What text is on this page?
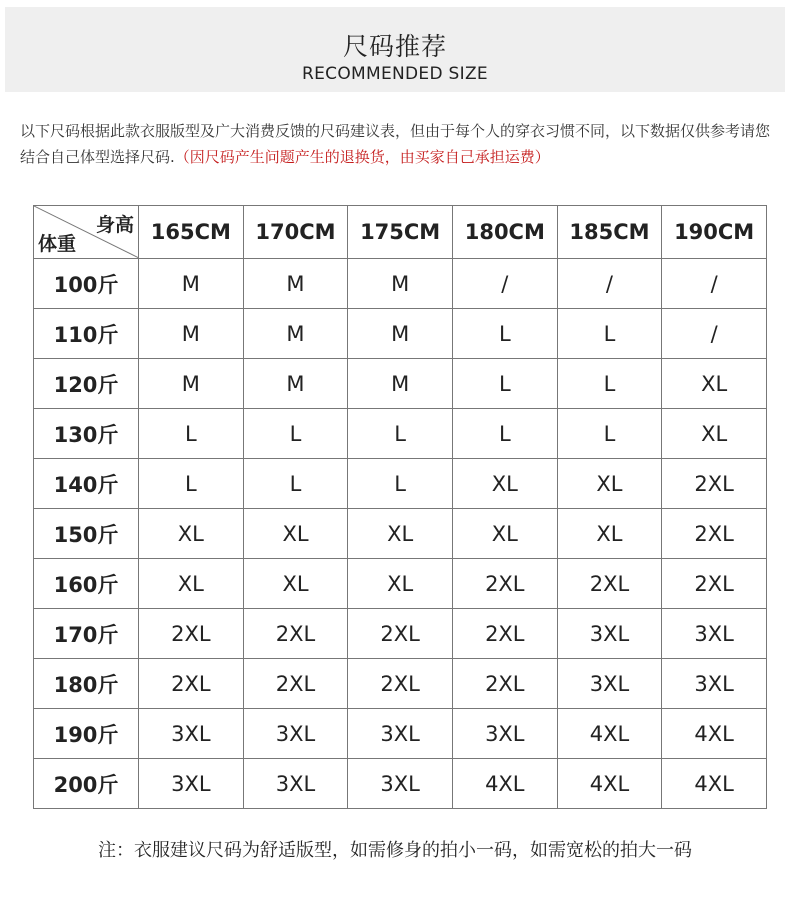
尺码推荐
RECOMMENDED SIZE
以下尺码根据此款衣服版型及广大消费反馈的尺码建议表，但由于每个人的穿衣习惯不同，以下数据仅供参考请您结合自己体型选择尺码.（因尺码产生问题产生的退换货，由买家自己承担运费）
身高
体重	165CM	170CM	175CM	180CM	185CM	190CM
100斤	M	M	M	/	/	/
110斤	M	M	M	L	L	/
120斤	M	M	M	L	L	XL
130斤	L	L	L	L	L	XL
140斤	L	L	L	XL	XL	2XL
150斤	XL	XL	XL	XL	XL	2XL
160斤	XL	XL	XL	2XL	2XL	2XL
170斤	2XL	2XL	2XL	2XL	3XL	3XL
180斤	2XL	2XL	2XL	2XL	3XL	3XL
190斤	3XL	3XL	3XL	3XL	4XL	4XL
200斤	3XL	3XL	3XL	4XL	4XL	4XL
注：衣服建议尺码为舒适版型，如需修身的拍小一码，如需宽松的拍大一码
